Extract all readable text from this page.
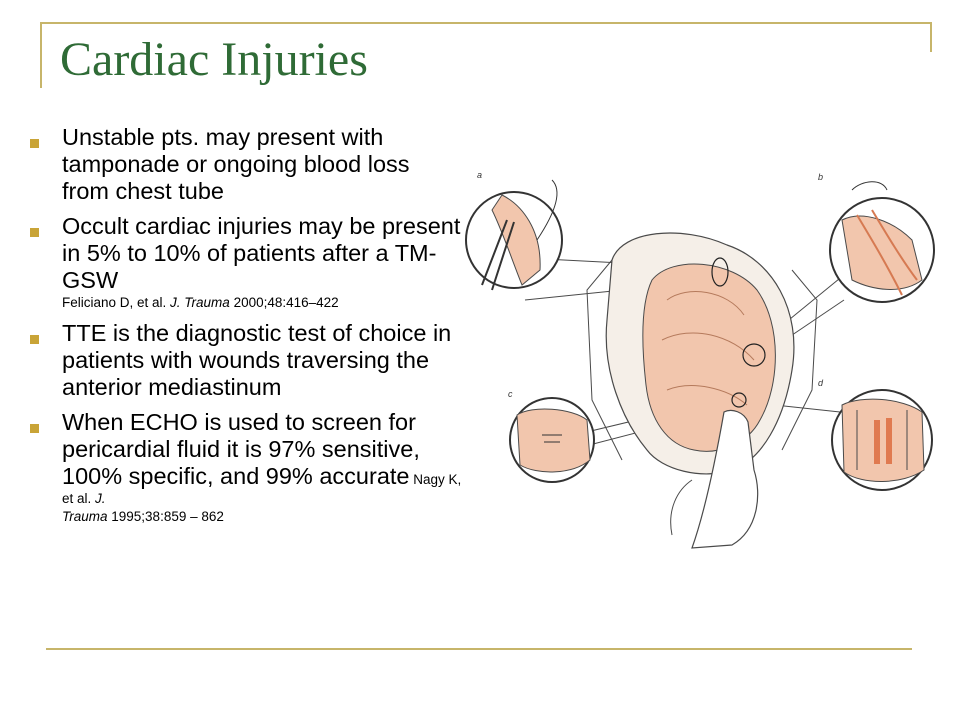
Cardiac Injuries
Unstable pts. may present with tamponade or ongoing blood loss from chest tube
Occult cardiac injuries may be present in 5% to 10% of patients after a TM-GSW
Feliciano D, et al. J. Trauma 2000;48:416–422
TTE is the diagnostic test of choice in patients with wounds traversing the anterior mediastinum
When ECHO is used to screen for pericardial fluid it is 97% sensitive, 100% specific, and 99% accurate Nagy K, et al. J.
Trauma 1995;38:859 – 862
a	b
c
d
